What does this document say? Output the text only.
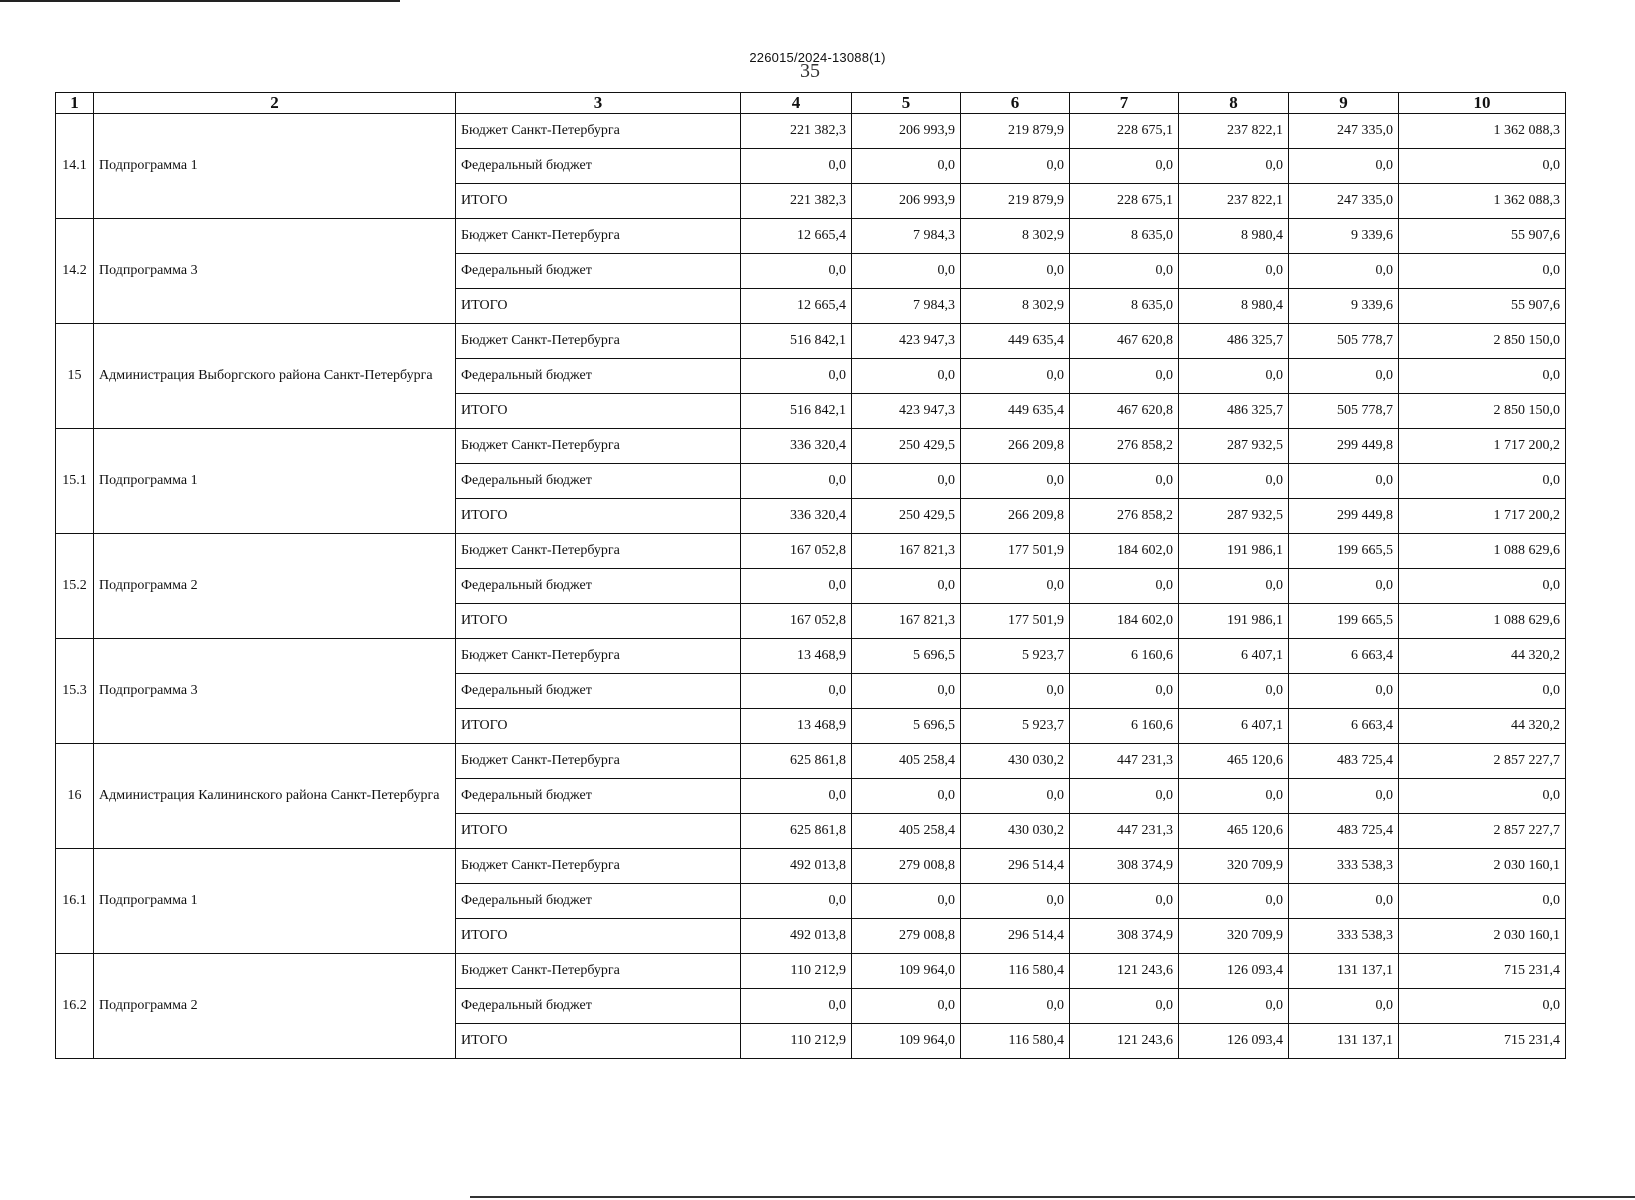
226015/2024-13088(1)
35
1	2	3	4	5	6	7	8	9	10
14.1	Подпрограмма 1	Бюджет Санкт-Петербурга	221 382,3	206 993,9	219 879,9	228 675,1	237 822,1	247 335,0	1 362 088,3
		Федеральный бюджет	0,0	0,0	0,0	0,0	0,0	0,0	0,0
		ИТОГО	221 382,3	206 993,9	219 879,9	228 675,1	237 822,1	247 335,0	1 362 088,3
14.2	Подпрограмма 3	Бюджет Санкт-Петербурга	12 665,4	7 984,3	8 302,9	8 635,0	8 980,4	9 339,6	55 907,6
		Федеральный бюджет	0,0	0,0	0,0	0,0	0,0	0,0	0,0
		ИТОГО	12 665,4	7 984,3	8 302,9	8 635,0	8 980,4	9 339,6	55 907,6
15	Администрация Выборгского района Санкт-Петербурга	Бюджет Санкт-Петербурга	516 842,1	423 947,3	449 635,4	467 620,8	486 325,7	505 778,7	2 850 150,0
		Федеральный бюджет	0,0	0,0	0,0	0,0	0,0	0,0	0,0
		ИТОГО	516 842,1	423 947,3	449 635,4	467 620,8	486 325,7	505 778,7	2 850 150,0
15.1	Подпрограмма 1	Бюджет Санкт-Петербурга	336 320,4	250 429,5	266 209,8	276 858,2	287 932,5	299 449,8	1 717 200,2
		Федеральный бюджет	0,0	0,0	0,0	0,0	0,0	0,0	0,0
		ИТОГО	336 320,4	250 429,5	266 209,8	276 858,2	287 932,5	299 449,8	1 717 200,2
15.2	Подпрограмма 2	Бюджет Санкт-Петербурга	167 052,8	167 821,3	177 501,9	184 602,0	191 986,1	199 665,5	1 088 629,6
		Федеральный бюджет	0,0	0,0	0,0	0,0	0,0	0,0	0,0
		ИТОГО	167 052,8	167 821,3	177 501,9	184 602,0	191 986,1	199 665,5	1 088 629,6
15.3	Подпрограмма 3	Бюджет Санкт-Петербурга	13 468,9	5 696,5	5 923,7	6 160,6	6 407,1	6 663,4	44 320,2
		Федеральный бюджет	0,0	0,0	0,0	0,0	0,0	0,0	0,0
		ИТОГО	13 468,9	5 696,5	5 923,7	6 160,6	6 407,1	6 663,4	44 320,2
16	Администрация Калининского района Санкт-Петербурга	Бюджет Санкт-Петербурга	625 861,8	405 258,4	430 030,2	447 231,3	465 120,6	483 725,4	2 857 227,7
		Федеральный бюджет	0,0	0,0	0,0	0,0	0,0	0,0	0,0
		ИТОГО	625 861,8	405 258,4	430 030,2	447 231,3	465 120,6	483 725,4	2 857 227,7
16.1	Подпрограмма 1	Бюджет Санкт-Петербурга	492 013,8	279 008,8	296 514,4	308 374,9	320 709,9	333 538,3	2 030 160,1
		Федеральный бюджет	0,0	0,0	0,0	0,0	0,0	0,0	0,0
		ИТОГО	492 013,8	279 008,8	296 514,4	308 374,9	320 709,9	333 538,3	2 030 160,1
16.2	Подпрограмма 2	Бюджет Санкт-Петербурга	110 212,9	109 964,0	116 580,4	121 243,6	126 093,4	131 137,1	715 231,4
		Федеральный бюджет	0,0	0,0	0,0	0,0	0,0	0,0	0,0
		ИТОГО	110 212,9	109 964,0	116 580,4	121 243,6	126 093,4	131 137,1	715 231,4
